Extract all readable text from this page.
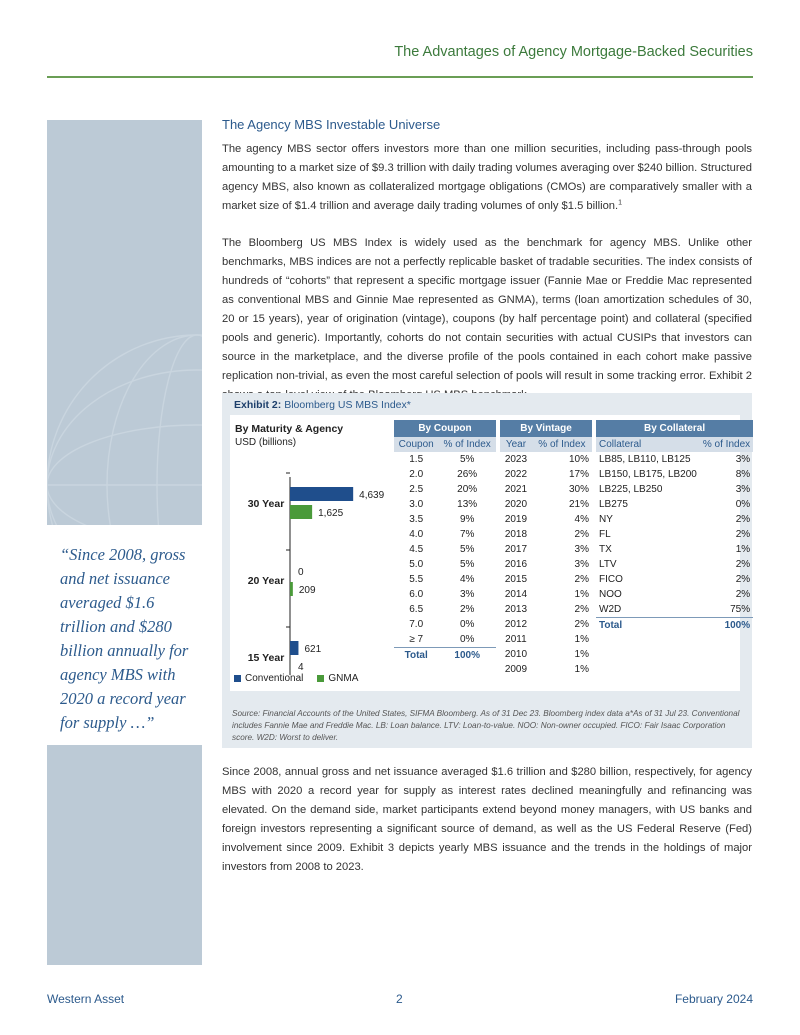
The Advantages of Agency Mortgage-Backed Securities
“Since 2008, gross and net issuance averaged $1.6 trillion and $280 billion annually for agency MBS with 2020 a record year for supply …”
The Agency MBS Investable Universe

The agency MBS sector offers investors more than one million securities, including pass-through pools amounting to a market size of $9.3 trillion with daily trading volumes averaging over $240 billion. Structured agency MBS, also known as collateralized mortgage obligations (CMOs) are comparatively smaller with a market size of $1.4 trillion and average daily trading volumes of only $1.5 billion.$^1$

The Bloomberg US MBS Index is widely used as the benchmark for agency MBS. Unlike other benchmarks, MBS indices are not a perfectly replicable basket of tradable securities. The index consists of hundreds of “cohorts” that represent a specific mortgage issuer (Fannie Mae or Freddie Mac represented as conventional MBS and Ginnie Mae represented as GNMA), terms (loan amortization schedules of 30, 20 or 15 years), year of origination (vintage), coupons (by half percentage point) and collateral (specified pools and generic). Importantly, cohorts do not contain securities with actual CUSIPs that investors can source in the marketplace, and the diverse profile of the pools contained in each cohort make passive replication non-trivial, as even the most careful selection of pools will result in some tracking error. Exhibit 2

Exhibit 2: Bloomberg US MBS Index*
By Maturity & Agency
USD (billions)
30 Year
4,639
1,625
20 Year
0
209
15 Year
621
4
Conventional	GNMA
By Coupon	
Coupon	% of Index
1.5	5%
2.0	26%
2.5	20%
3.0	13%
3.5	9%
4.0	7%
4.5	5%
5.0	5%
5.5	4%
6.0	3%
6.5	2%
7.0	0%
≥ 7	0%
Total	100%
By Vintage	
Year	% of Index
2023	10%
2022	17%
2021	30%
2020	21%
2019	4%
2018	2%
2017	3%
2016	3%
2015	2%
2014	1%
2013	2%
2012	2%
2011	1%
2010	1%
2009	1%
By Collateral	
Collateral	% of Index
LB85, LB110, LB125	3%
LB150, LB175, LB200	8%
LB225, LB250	3%
LB275	0%
NY	2%
FL	2%
TX	1%
LTV	2%
FICO	2%
NOO	2%
W2D	75%
Total	100%
Source: Financial Accounts of the United States, SIFMA Bloomberg. As of 31 Dec 23. Bloomberg index data a*As of 31 Jul 23. Conventional includes Fannie Mae and Freddie Mac. LB: Loan balance. LTV: Loan-to-value. NOO: Non-owner occupied. FICO: Fair Isaac Corporation score. W2D: Worst to deliver.

Since 2008, annual gross and net issuance averaged $1.6 trillion and $280 billion, respectively, for agency MBS with 2020 a record year for supply as interest rates declined meaningfully and refinancing was elevated. On the demand side, market participants extend beyond money managers, with US banks and foreign investors representing a significant source of demand, as well as the US Federal Reserve (Fed) involvement since 2009. Exhibit 3 depicts yearly MBS issuance and the trends in the holdings of major investors from 2008 to 2023.

Western Asset	2	February 2024
